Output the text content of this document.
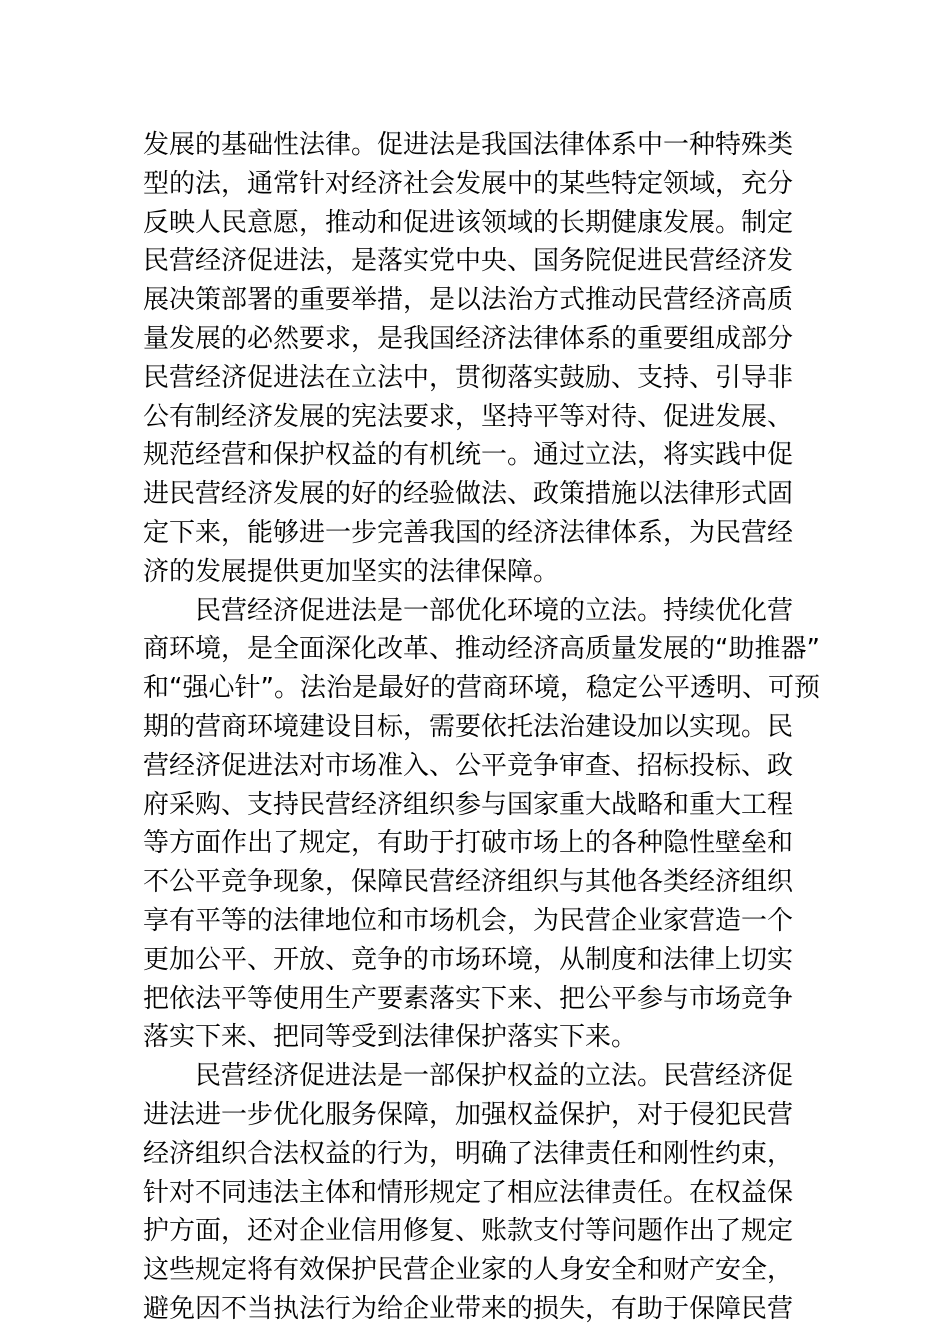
发展的基础性法律。促进法是我国法律体系中一种特殊类
型的法，通常针对经济社会发展中的某些特定领域，充分
反映人民意愿，推动和促进该领域的长期健康发展。制定
民营经济促进法，是落实党中央、国务院促进民营经济发
展决策部署的重要举措，是以法治方式推动民营经济高质
量发展的必然要求，是我国经济法律体系的重要组成部分
民营经济促进法在立法中，贯彻落实鼓励、支持、引导非
公有制经济发展的宪法要求，坚持平等对待、促进发展、
规范经营和保护权益的有机统一。通过立法，将实践中促
进民营经济发展的好的经验做法、政策措施以法律形式固
定下来，能够进一步完善我国的经济法律体系，为民营经
济的发展提供更加坚实的法律保障。
民营经济促进法是一部优化环境的立法。持续优化营
商环境，是全面深化改革、推动经济高质量发展的“助推器”
和“强心针”。法治是最好的营商环境，稳定公平透明、可预
期的营商环境建设目标，需要依托法治建设加以实现。民
营经济促进法对市场准入、公平竞争审查、招标投标、政
府采购、支持民营经济组织参与国家重大战略和重大工程
等方面作出了规定，有助于打破市场上的各种隐性壁垒和
不公平竞争现象，保障民营经济组织与其他各类经济组织
享有平等的法律地位和市场机会，为民营企业家营造一个
更加公平、开放、竞争的市场环境，从制度和法律上切实
把依法平等使用生产要素落实下来、把公平参与市场竞争
落实下来、把同等受到法律保护落实下来。
民营经济促进法是一部保护权益的立法。民营经济促
进法进一步优化服务保障，加强权益保护，对于侵犯民营
经济组织合法权益的行为，明确了法律责任和刚性约束，
针对不同违法主体和情形规定了相应法律责任。在权益保
护方面，还对企业信用修复、账款支付等问题作出了规定
这些规定将有效保护民营企业家的人身安全和财产安全，
避免因不当执法行为给企业带来的损失，有助于保障民营
